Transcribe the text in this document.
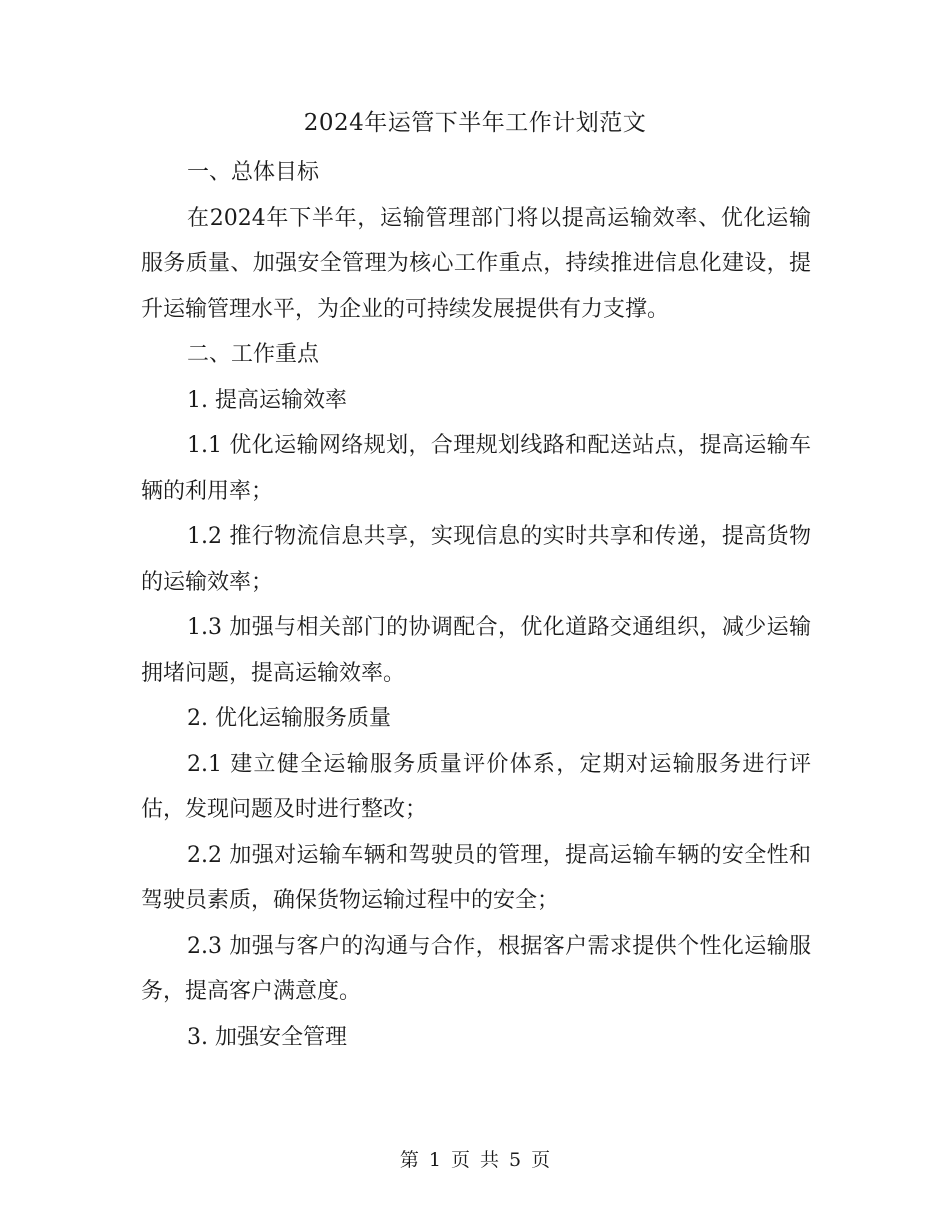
2024年运管下半年工作计划范文

一、总体目标

在2024年下半年，运输管理部门将以提高运输效率、优化运输服务质量、加强安全管理为核心工作重点，持续推进信息化建设，提升运输管理水平，为企业的可持续发展提供有力支撑。

二、工作重点

1. 提高运输效率

1.1 优化运输网络规划，合理规划线路和配送站点，提高运输车辆的利用率；

1.2 推行物流信息共享，实现信息的实时共享和传递，提高货物的运输效率；

1.3 加强与相关部门的协调配合，优化道路交通组织，减少运输拥堵问题，提高运输效率。

2. 优化运输服务质量

2.1 建立健全运输服务质量评价体系，定期对运输服务进行评估，发现问题及时进行整改；

2.2 加强对运输车辆和驾驶员的管理，提高运输车辆的安全性和驾驶员素质，确保货物运输过程中的安全；

2.3 加强与客户的沟通与合作，根据客户需求提供个性化运输服务，提高客户满意度。

3. 加强安全管理

第 1 页 共 5 页
